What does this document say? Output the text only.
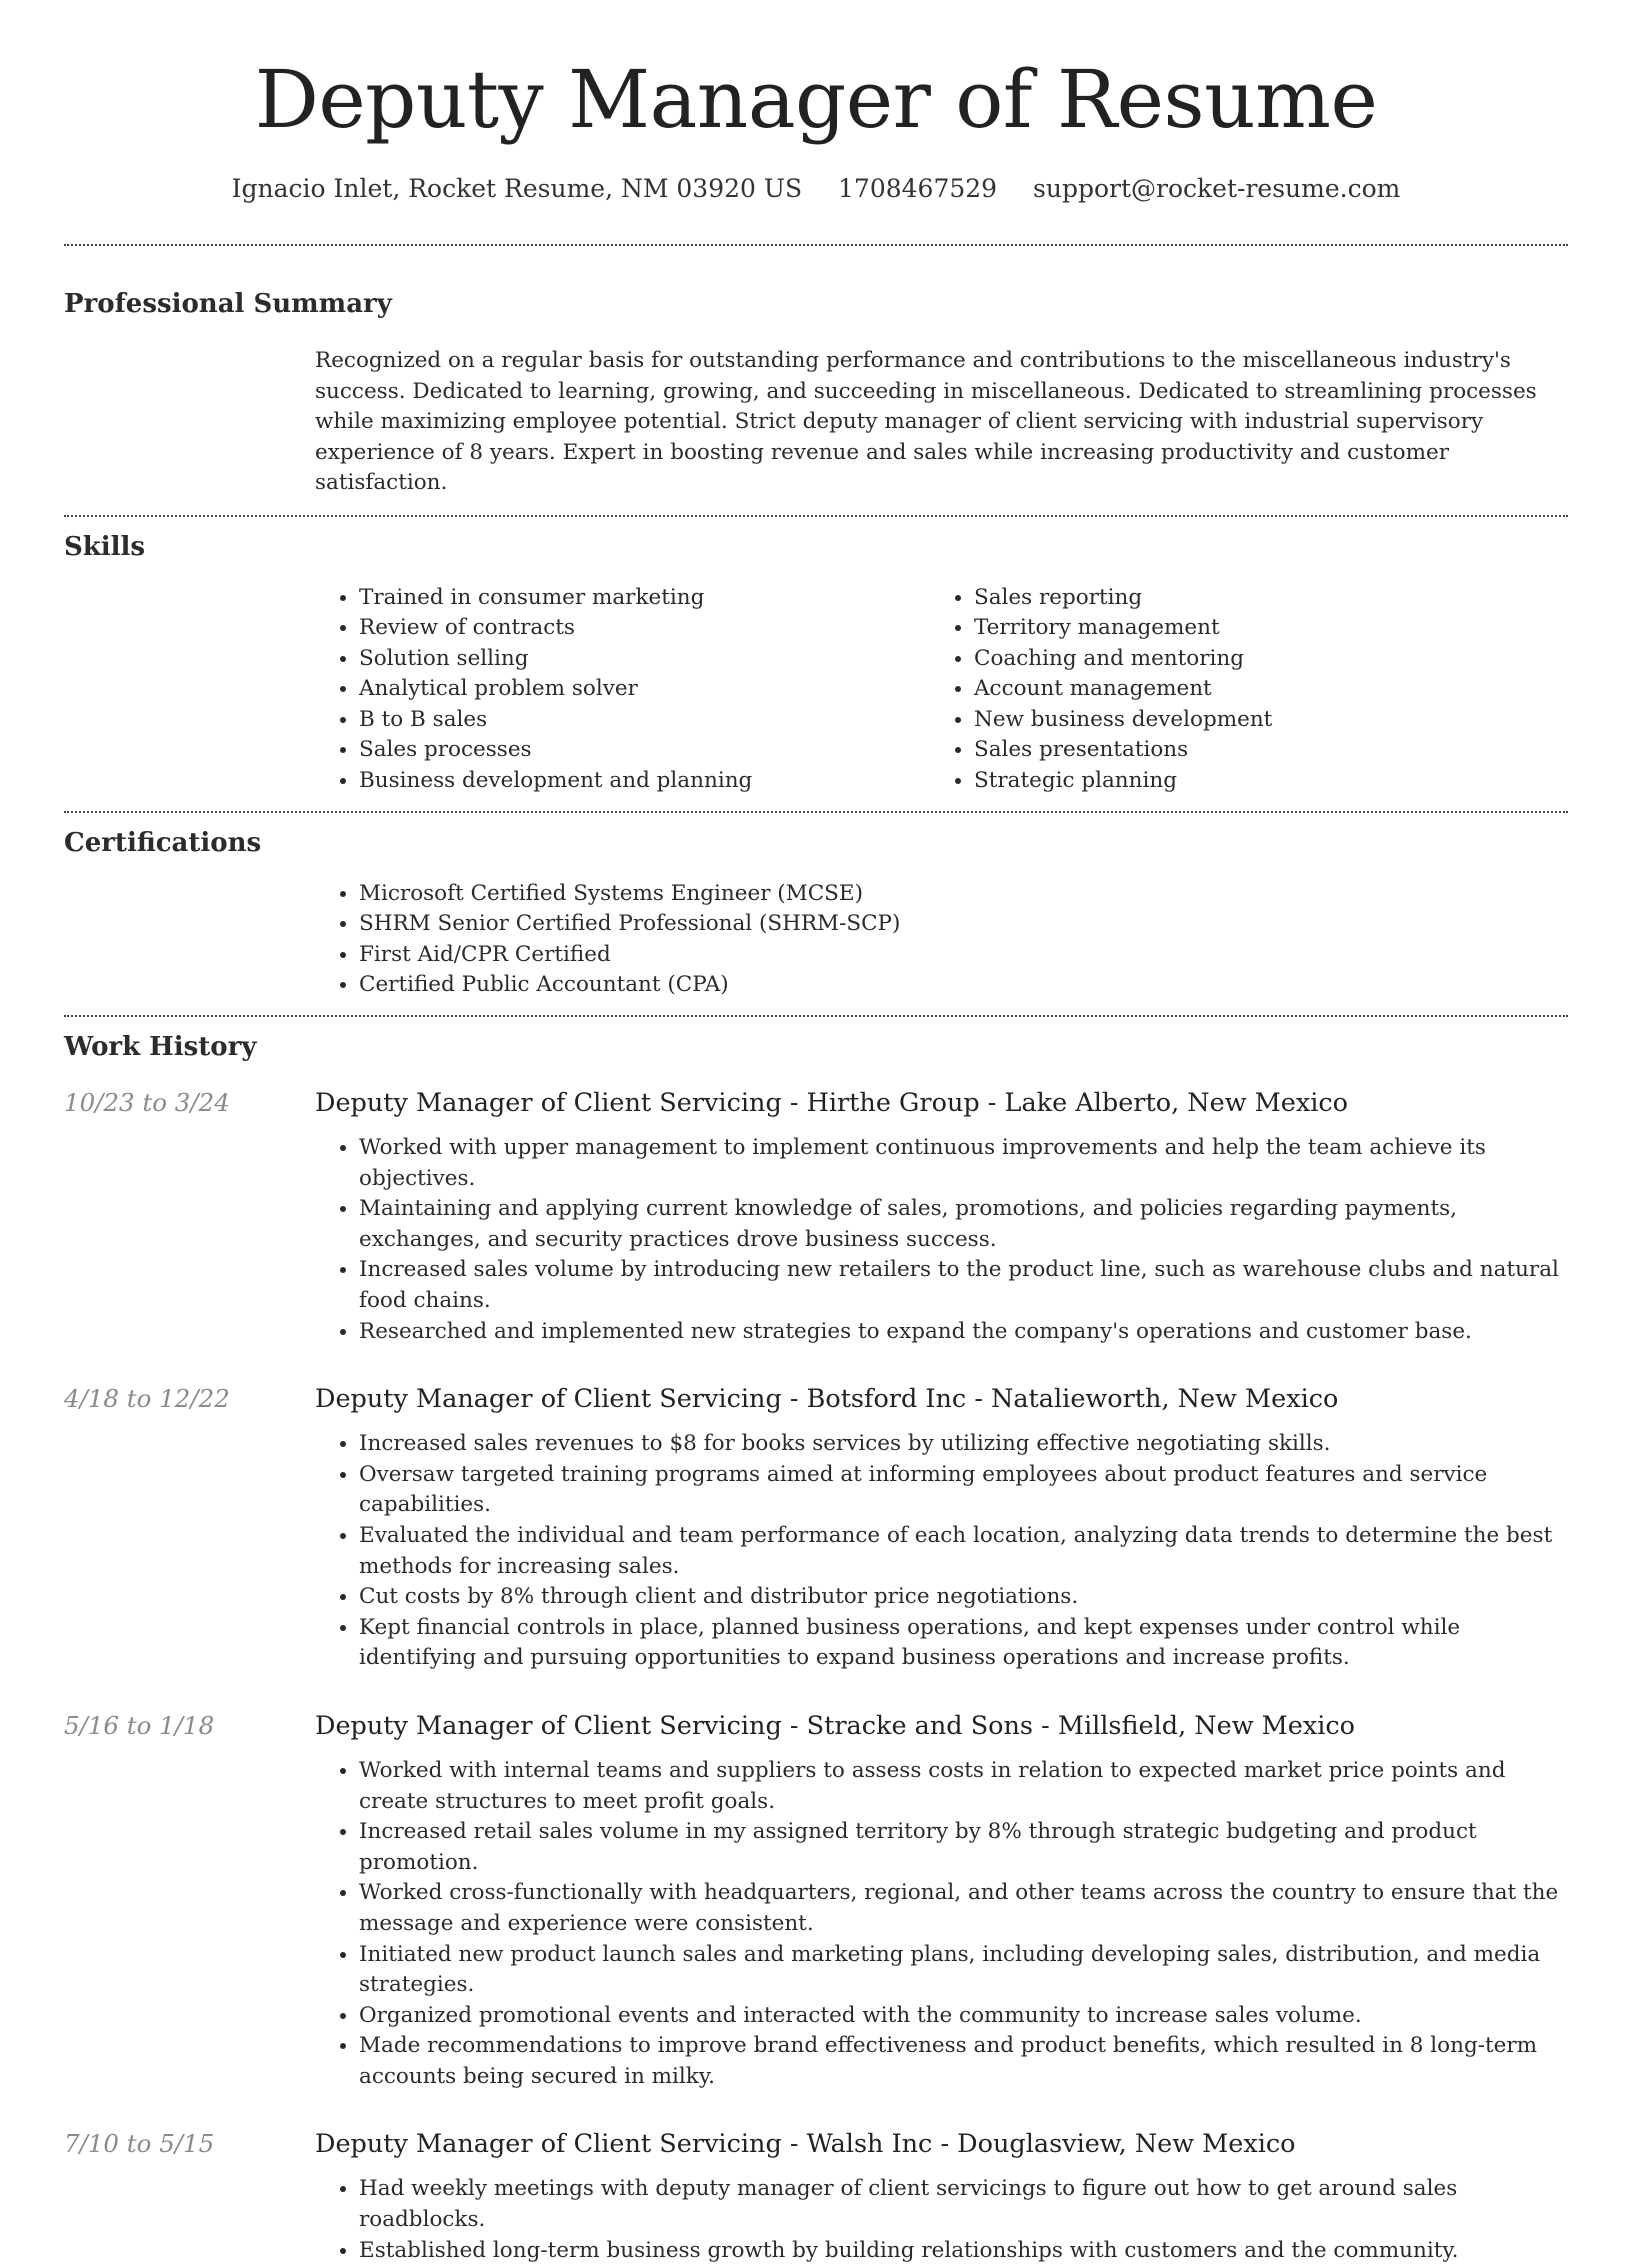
Deputy Manager of Resume
Ignacio Inlet, Rocket Resume, NM 03920 US 1708467529 support@rocket-resume.com
Professional Summary

Recognized on a regular basis for outstanding performance and contributions to the miscellaneous industry's success. Dedicated to learning, growing, and succeeding in miscellaneous. Dedicated to streamlining processes while maximizing employee potential. Strict deputy manager of client servicing with industrial supervisory experience of 8 years. Expert in boosting revenue and sales while increasing productivity and customer satisfaction.

Skills
• Trained in consumer marketing
• Review of contracts
• Solution selling
• Analytical problem solver
• B to B sales
• Sales processes
• Business development and planning
• Sales reporting
• Territory management
• Coaching and mentoring
• Account management
• New business development
• Sales presentations
• Strategic planning
Certifications
• Microsoft Certified Systems Engineer (MCSE)
• SHRM Senior Certified Professional (SHRM-SCP)
• First Aid/CPR Certified
• Certified Public Accountant (CPA)
Work History
10/23 to 3/24	Deputy Manager of Client Servicing - Hirthe Group - Lake Alberto, New Mexico
• Worked with upper management to implement continuous improvements and help the team achieve its objectives.
• Maintaining and applying current knowledge of sales, promotions, and policies regarding payments, exchanges, and security practices drove business success.
• Increased sales volume by introducing new retailers to the product line, such as warehouse clubs and natural food chains.
• Researched and implemented new strategies to expand the company's operations and customer base.
4/18 to 12/22	Deputy Manager of Client Servicing - Botsford Inc - Natalieworth, New Mexico
• Increased sales revenues to $8 for books services by utilizing effective negotiating skills.
• Oversaw targeted training programs aimed at informing employees about product features and service capabilities.
• Evaluated the individual and team performance of each location, analyzing data trends to determine the best methods for increasing sales.
• Cut costs by 8% through client and distributor price negotiations.
• Kept financial controls in place, planned business operations, and kept expenses under control while identifying and pursuing opportunities to expand business operations and increase profits.
5/16 to 1/18	Deputy Manager of Client Servicing - Stracke and Sons - Millsfield, New Mexico
• Worked with internal teams and suppliers to assess costs in relation to expected market price points and create structures to meet profit goals.
• Increased retail sales volume in my assigned territory by 8% through strategic budgeting and product promotion.
• Worked cross-functionally with headquarters, regional, and other teams across the country to ensure that the message and experience were consistent.
• Initiated new product launch sales and marketing plans, including developing sales, distribution, and media strategies.
• Organized promotional events and interacted with the community to increase sales volume.
• Made recommendations to improve brand effectiveness and product benefits, which resulted in 8 long-term accounts being secured in milky.
7/10 to 5/15	Deputy Manager of Client Servicing - Walsh Inc - Douglasview, New Mexico
• Had weekly meetings with deputy manager of client servicings to figure out how to get around sales roadblocks.
• Established long-term business growth by building relationships with customers and the community.
